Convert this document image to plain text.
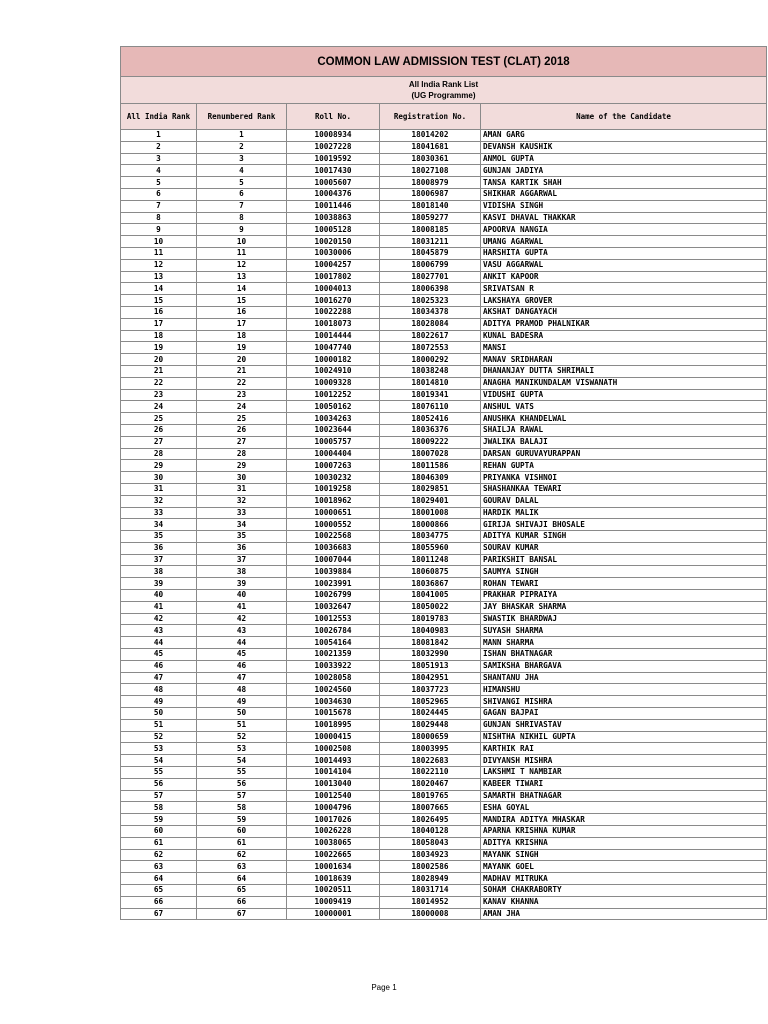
COMMON LAW ADMISSION TEST (CLAT) 2018				

All India Rank List
(UG Programme)				

All India Rank	Renumbered Rank	Roll No.	Registration No.	Name of the Candidate
1	1	10008934	18014202	AMAN GARG
2	2	10027228	18041681	DEVANSH KAUSHIK
3	3	10019592	18030361	ANMOL GUPTA
4	4	10017430	18027108	GUNJAN JADIYA
5	5	10005607	18008979	TANSA KARTIK SHAH
6	6	10004376	18006987	SHIKHAR AGGARWAL
7	7	10011446	18018140	VIDISHA SINGH
8	8	10038863	18059277	KASVI DHAVAL THAKKAR
9	9	10005128	18008185	APOORVA NANGIA
10	10	10020150	18031211	UMANG AGARWAL
11	11	10030006	18045879	HARSHITA GUPTA
12	12	10004257	18006799	VASU AGGARWAL
13	13	10017802	18027701	ANKIT KAPOOR
14	14	10004013	18006398	SRIVATSAN R
15	15	10016270	18025323	LAKSHAYA GROVER
16	16	10022288	18034378	AKSHAT DANGAYACH
17	17	10018073	18028084	ADITYA PRAMOD PHALNIKAR
18	18	10014444	18022617	KUNAL BADESRA
19	19	10047740	18072553	MANSI
20	20	10000182	18000292	MANAV SRIDHARAN
21	21	10024910	18038248	DHANANJAY DUTTA SHRIMALI
22	22	10009328	18014810	ANAGHA MANIKUNDALAM VISWANATH
23	23	10012252	18019341	VIDUSHI GUPTA
24	24	10050162	18076110	ANSHUL VATS
25	25	10034263	18052416	ANUSHKA KHANDELWAL
26	26	10023644	18036376	SHAILJA RAWAL
27	27	10005757	18009222	JWALIKA BALAJI
28	28	10004404	18007028	DARSAN GURUVAYURAPPAN
29	29	10007263	18011586	REHAN GUPTA
30	30	10030232	18046309	PRIYANKA VISHNOI
31	31	10019258	18029851	SHASHANKAA TEWARI
32	32	10018962	18029401	GOURAV DALAL
33	33	10000651	18001008	HARDIK MALIK
34	34	10000552	18000866	GIRIJA SHIVAJI BHOSALE
35	35	10022568	18034775	ADITYA KUMAR SINGH
36	36	10036683	18055960	SOURAV KUMAR
37	37	10007044	18011248	PARIKSHIT BANSAL
38	38	10039884	18060875	SAUMYA SINGH
39	39	10023991	18036867	ROHAN TEWARI
40	40	10026799	18041005	PRAKHAR PIPRAIYA
41	41	10032647	18050022	JAY BHASKAR SHARMA
42	42	10012553	18019783	SWASTIK BHARDWAJ
43	43	10026784	18040983	SUYASH SHARMA
44	44	10054164	18081842	MANN SHARMA
45	45	10021359	18032990	ISHAN BHATNAGAR
46	46	10033922	18051913	SAMIKSHA BHARGAVA
47	47	10028058	18042951	SHANTANU JHA
48	48	10024560	18037723	HIMANSHU
49	49	10034630	18052965	SHIVANGI MISHRA
50	50	10015678	18024445	GAGAN BAJPAI
51	51	10018995	18029448	GUNJAN SHRIVASTAV
52	52	10000415	18000659	NISHTHA NIKHIL GUPTA
53	53	10002508	18003995	KARTHIK RAI
54	54	10014493	18022683	DIVYANSH MISHRA
55	55	10014104	18022110	LAKSHMI T NAMBIAR
56	56	10013040	18020467	KABEER TIWARI
57	57	10012540	18019765	SAMARTH BHATNAGAR
58	58	10004796	18007665	ESHA GOYAL
59	59	10017026	18026495	MANDIRA ADITYA MHASKAR
60	60	10026228	18040128	APARNA KRISHNA KUMAR
61	61	10038065	18058043	ADITYA KRISHNA
62	62	10022665	18034923	MAYANK SINGH
63	63	10001634	18002586	MAYANK GOEL
64	64	10018639	18028949	MADHAV MITRUKA
65	65	10020511	18031714	SOHAM CHAKRABORTY
66	66	10009419	18014952	KANAV KHANNA
67	67	10000001	18000008	AMAN JHA
Page 1
